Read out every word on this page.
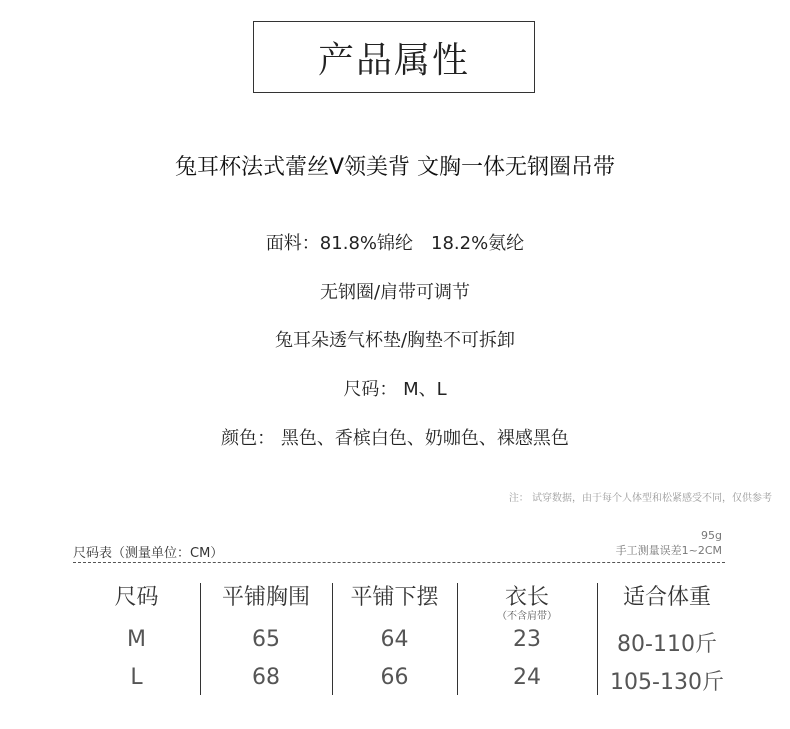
产品属性
兔耳杯法式蕾丝V领美背 文胸一体无钢圈吊带
面料：81.8%锦纶　18.2%氨纶
无钢圈/肩带可调节
兔耳朵透气杯垫/胸垫不可拆卸
尺码： M、L
颜色： 黑色、香槟白色、奶咖色、裸感黑色
注： 试穿数据，由于每个人体型和松紧感受不同，仅供参考
尺码表（测量单位：CM）
95g
手工测量误差1~2CM
尺码
M
L
平铺胸围
65
68
平铺下摆
64
66
衣长
（不含肩带）
23
24
适合体重
80-110斤
105-130斤
